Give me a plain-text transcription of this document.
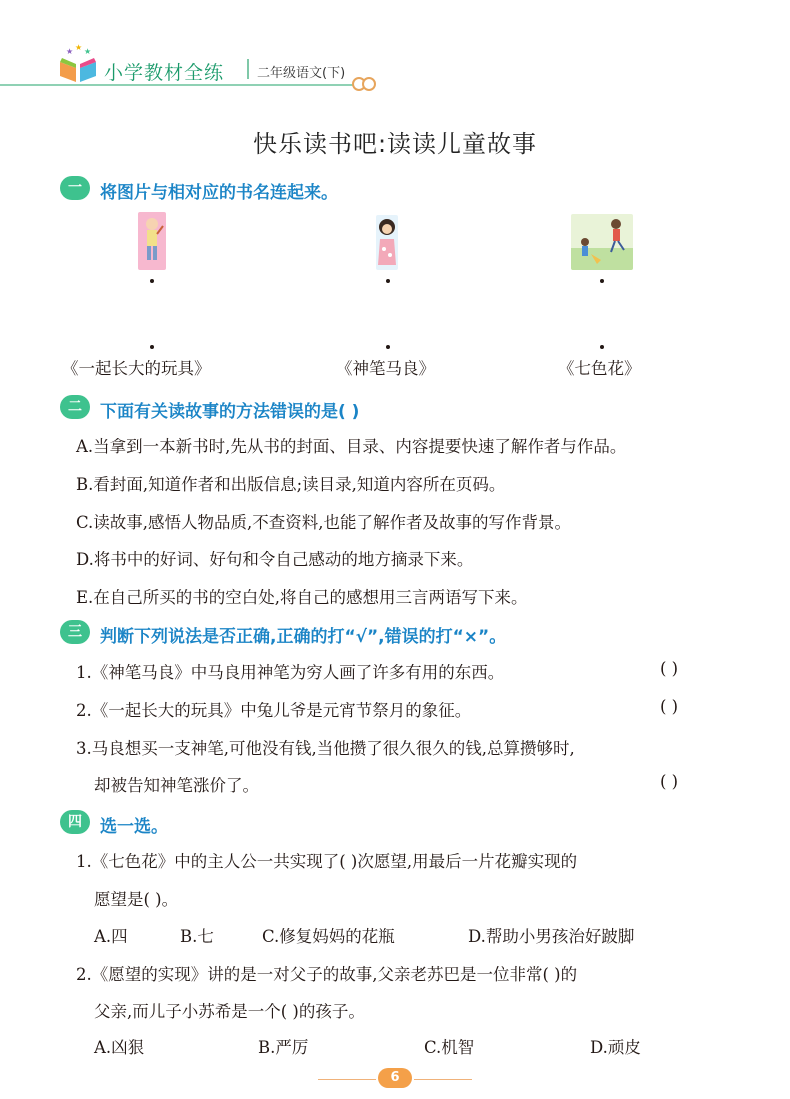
★ ★ ★
小学教材全练	二年级语文(下)
快乐读书吧:读读儿童故事
一	将图片与相对应的书名连起来。
《一起长大的玩具》	《神笔马良》	《七色花》
二	下面有关读故事的方法错误的是( )
A.当拿到一本新书时,先从书的封面、目录、内容提要快速了解作者与作品。
B.看封面,知道作者和出版信息;读目录,知道内容所在页码。
C.读故事,感悟人物品质,不查资料,也能了解作者及故事的写作背景。
D.将书中的好词、好句和令自己感动的地方摘录下来。
E.在自己所买的书的空白处,将自己的感想用三言两语写下来。
三	判断下列说法是否正确,正确的打“√”,错误的打“×”。
1.《神笔马良》中马良用神笔为穷人画了许多有用的东西。	( )
2.《一起长大的玩具》中兔儿爷是元宵节祭月的象征。	( )
3.马良想买一支神笔,可他没有钱,当他攒了很久很久的钱,总算攒够时,
却被告知神笔涨价了。	( )
四	选一选。
1.《七色花》中的主人公一共实现了( )次愿望,用最后一片花瓣实现的
愿望是( )。
A.四	B.七	C.修复妈妈的花瓶	D.帮助小男孩治好跛脚
2.《愿望的实现》讲的是一对父子的故事,父亲老苏巴是一位非常( )的
父亲,而儿子小苏希是一个( )的孩子。
A.凶狠	B.严厉	C.机智	D.顽皮
6
